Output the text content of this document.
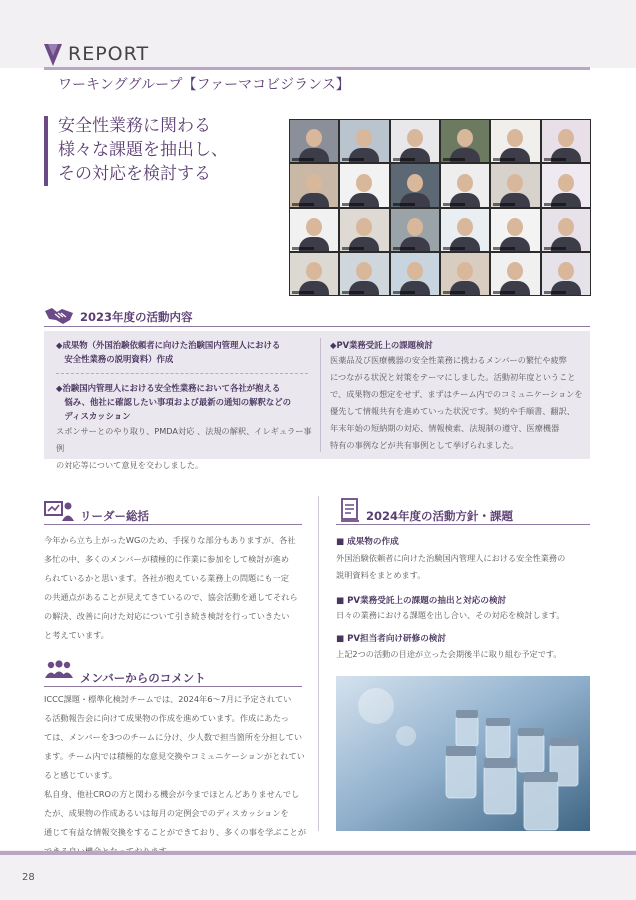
REPORT
ワーキンググループ【ファーマコビジランス】
安全性業務に関わる
様々な課題を抽出し、
その対応を検討する
2023年度の活動内容
◆成果物（外国治験依頼者に向けた治験国内管理人における
　安全性業務の説明資料）作成
◆治験国内管理人における安全性業務において各社が抱える
　悩み、他社に確認したい事項および最新の通知の解釈などの
　ディスカッション
スポンサーとのやり取り、PMDA対応 、法規の解釈、イレギュラー事例
の対応等について意見を交わしました。
◆PV業務受託上の課題検討
医薬品及び医療機器の安全性業務に携わるメンバーの繁忙や疲弊
につながる状況と対策をテーマにしました。活動初年度ということ
で、成果物の想定をせず、まずはチーム内でのコミュニケーションを
優先して情報共有を進めていった状況です。契約や手順書、翻訳、
年末年始の短納期の対応、情報検索、法規制の遵守、医療機器
特有の事例などが共有事例として挙げられました。
リーダー総括
今年から立ち上がったWGのため、手探りな部分もありますが、各社
多忙の中、多くのメンバーが積極的に作業に参加をして検討が進め
られているかと思います。各社が抱えている業務上の問題にも一定
の共通点があることが見えてきているので、協会活動を通してそれら
の解決、改善に向けた対応について引き続き検討を行っていきたい
と考えています。
メンバーからのコメント
ICCC課題・標準化検討チームでは、2024年6～7月に予定されてい
る活動報告会に向けて成果物の作成を進めています。作成にあたっ
ては、メンバーを3つのチームに分け、少人数で担当箇所を分担してい
ます。チーム内では積極的な意見交換やコミュニケーションがとれてい
ると感じています。
私自身、他社CROの方と関わる機会が今までほとんどありませんでし
たが、成果物の作成あるいは毎月の定例会でのディスカッションを
通じて有益な情報交換をすることができており、多くの事を学ぶことが

2024年度の活動方針・課題
■ 成果物の作成
外国治験依頼者に向けた治験国内管理人における安全性業務の
説明資料をまとめます。
■ PV業務受託上の課題の抽出と対応の検討
日々の業務における課題を出し合い、その対応を検討します。
■ PV担当者向け研修の検討
上記2つの活動の目途が立った会期後半に取り組む予定です。
28
